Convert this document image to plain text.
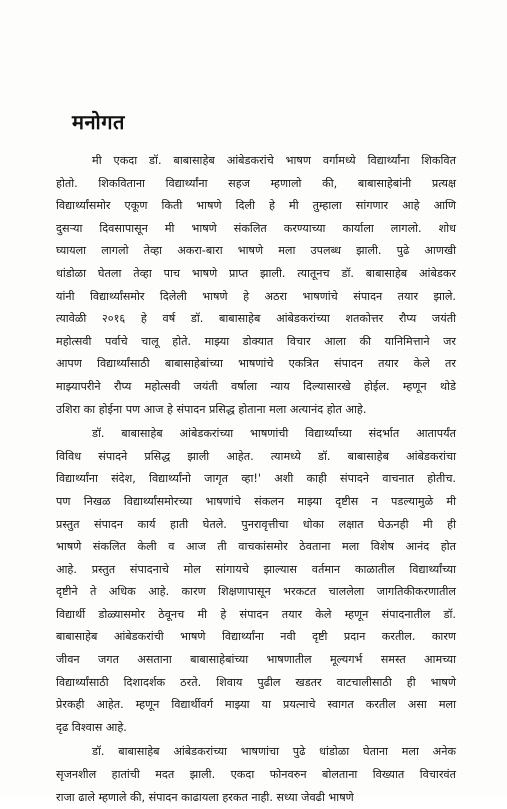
मनोगत
मी एकदा डॉ. बाबासाहेब आंबेडकरांचे भाषण वर्गामध्ये विद्यार्थ्यांना शिकवित
होतो. शिकविताना विद्यार्थ्यांना सहज म्हणालो की, बाबासाहेबांनी प्रत्यक्ष
विद्यार्थ्यांसमोर एकूण किती भाषणे दिली हे मी तुम्हाला सांगणार आहे आणि
दुसऱ्या दिवसापासून मी भाषणे संकलित करण्याच्या कार्याला लागलो. शोध
घ्यायला लागलो तेव्हा अकरा-बारा भाषणे मला उपलब्ध झाली. पुढे आणखी
धांडोळा घेतला तेव्हा पाच भाषणे प्राप्त झाली. त्यातूनच डॉ. बाबासाहेब आंबेडकर
यांनी विद्यार्थ्यांसमोर दिलेली भाषणे हे अठरा भाषणांचे संपादन तयार झाले.
त्यावेळी २०१६ हे वर्ष डॉ. बाबासाहेब आंबेडकरांच्या शतकोत्तर रौप्य जयंती
महोत्सवी पर्वाचे चालू होते. माझ्या डोक्यात विचार आला की यानिमित्ताने जर
आपण विद्यार्थ्यांसाठी बाबासाहेबांच्या भाषणांचे एकत्रित संपादन तयार केले तर
माझ्यापरीने रौप्य महोत्सवी जयंती वर्षाला न्याय दिल्यासारखे होईल. म्हणून थोडे
उशिरा का होईना पण आज हे संपादन प्रसिद्ध होताना मला अत्यानंद होत आहे.
डॉ. बाबासाहेब आंबेडकरांच्या भाषणांची विद्यार्थ्यांच्या संदर्भात आतापर्यंत
विविध संपादने प्रसिद्ध झाली आहेत. त्यामध्ये डॉ. बाबासाहेब आंबेडकरांचा
विद्यार्थ्यांना संदेश, विद्यार्थ्यांनो जागृत व्हा!' अशी काही संपादने वाचनात होतीच.
पण निखळ विद्यार्थ्यांसमोरच्या भाषणांचे संकलन माझ्या दृष्टीस न पडल्यामुळे मी
प्रस्तुत संपादन कार्य हाती घेतले. पुनरावृत्तीचा धोका लक्षात घेऊनही मी ही
भाषणे संकलित केली व आज ती वाचकांसमोर ठेवताना मला विशेष आनंद होत
आहे. प्रस्तुत संपादनाचे मोल सांगायचे झाल्यास वर्तमान काळातील विद्यार्थ्यांच्या
दृष्टीने ते अधिक आहे. कारण शिक्षणापासून भरकटत चाललेला जागतिकीकरणातील
विद्यार्थी डोळ्यासमोर ठेवूनच मी हे संपादन तयार केले म्हणून संपादनातील डॉ.
बाबासाहेब आंबेडकरांची भाषणे विद्यार्थ्यांना नवी दृष्टी प्रदान करतील. कारण
जीवन जगत असताना बाबासाहेबांच्या भाषणातील मूल्यगर्भ समस्त आमच्या
विद्यार्थ्यांसाठी दिशादर्शक ठरते. शिवाय पुढील खडतर वाटचालीसाठी ही भाषणे
प्रेरकही आहेत. म्हणून विद्यार्थीवर्ग माझ्या या प्रयत्नाचे स्वागत करतील असा मला
दृढ विश्वास आहे.
डॉ. बाबासाहेब आंबेडकरांच्या भाषणांचा पुढे धांडोळा घेताना मला अनेक
सृजनशील हातांची मदत झाली. एकदा फोनवरुन बोलताना विख्यात विचारवंत
राजा ढाले म्हणाले की, संपादन काढायला हरकत नाही. सध्या जेवढी भाषणे
